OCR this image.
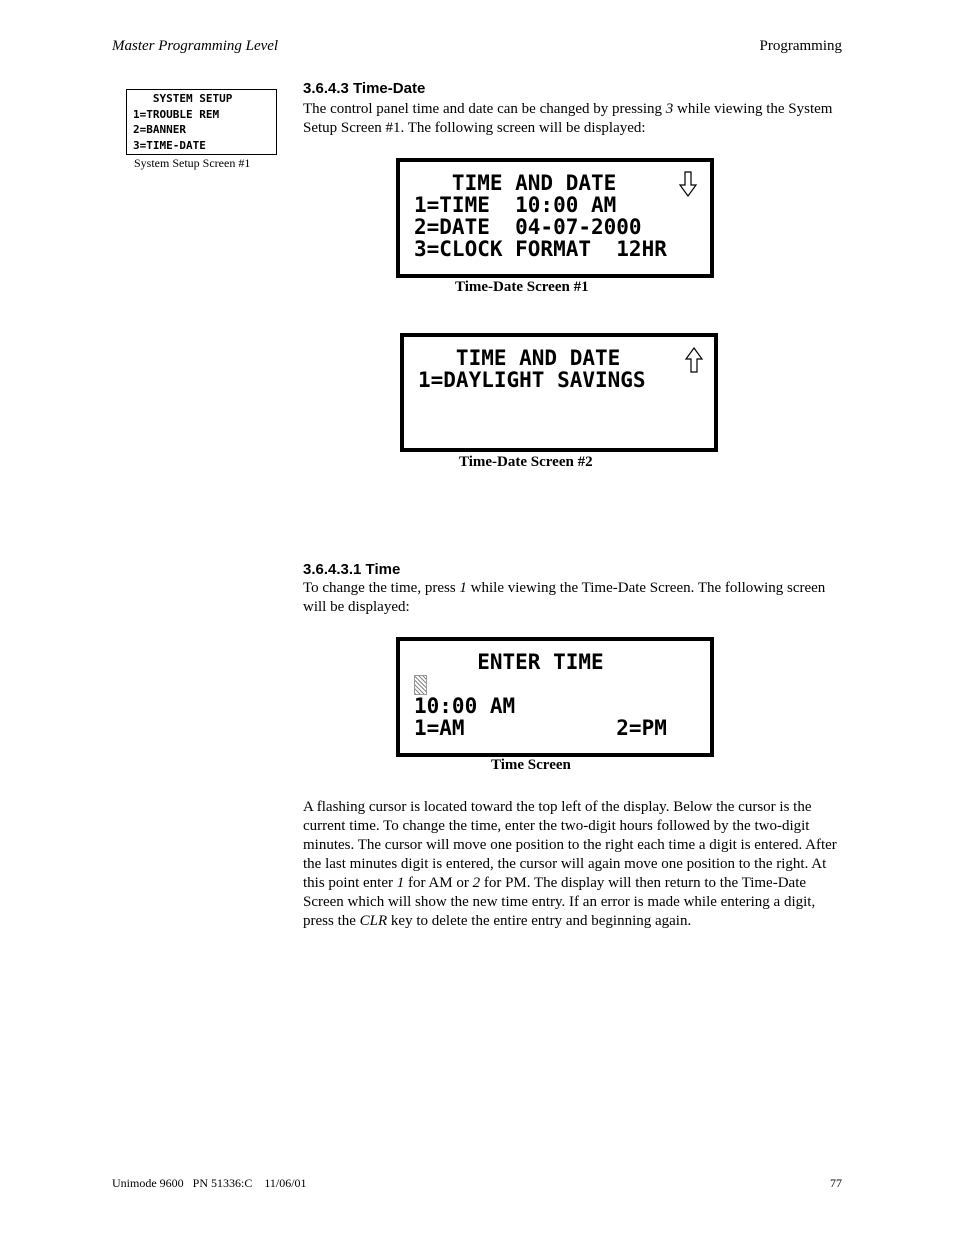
Master Programming Level	Programming
SYSTEM SETUP
1=TROUBLE REM
2=BANNER
3=TIME-DATE
System Setup Screen #1
3.6.4.3 Time-Date
The control panel time and date can be changed by pressing 3 while viewing the System Setup Screen #1. The following screen will be displayed:
TIME AND DATE
1=TIME  10:00 AM
2=DATE  04-07-2000
3=CLOCK FORMAT  12HR
Time-Date Screen #1
TIME AND DATE
1=DAYLIGHT SAVINGS
Time-Date Screen #2
3.6.4.3.1 Time
To change the time, press 1 while viewing the Time-Date Screen. The following screen will be displayed:
ENTER TIME
10:00 AM
1=AM            2=PM
Time Screen
A flashing cursor is located toward the top left of the display. Below the cursor is the current time. To change the time, enter the two-digit hours followed by the two-digit minutes. The cursor will move one position to the right each time a digit is entered. After the last minutes digit is entered, the cursor will again move one position to the right. At this point enter 1 for AM or 2 for PM. The display will then return to the Time-Date Screen which will show the new time entry. If an error is made while entering a digit, press the CLR key to delete the entire entry and beginning again.
Unimode 9600   PN 51336:C    11/06/01	77
